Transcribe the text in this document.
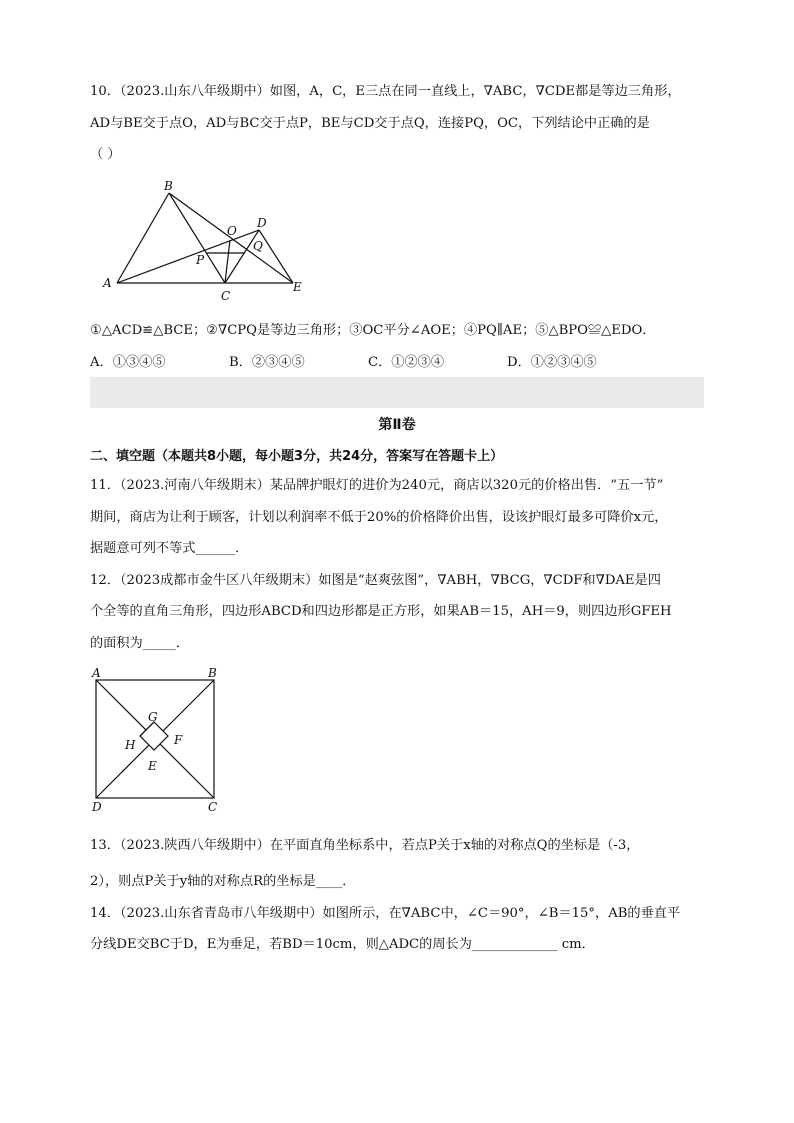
10．（2023.山东八年级期中）如图，A，C，E三点在同一直线上，∇ABC，∇CDE都是等边三角形，
AD与BE交于点O，AD与BC交于点P，BE与CD交于点Q，连接PQ，OC，下列结论中正确的是
（ ）
B
O
D
Q
P
A
C
E
①△ACD≌△BCE；②∇CPQ是等边三角形；③OC平分∠AOE；④PQ∥AE；⑤△BPO≌△EDO．
A．①③④⑤	B．②③④⑤	C．①②③④	D．①②③④⑤
第Ⅱ卷
二、填空题（本题共8小题，每小题3分，共24分，答案写在答题卡上）
11．（2023.河南八年级期末）某品牌护眼灯的进价为240元，商店以320元的价格出售．“五一节”
期间，商店为让利于顾客，计划以利润率不低于20%的价格降价出售，设该护眼灯最多可降价x元，
据题意可列不等式______．
12．（2023成都市金牛区八年级期末）如图是“赵爽弦图”，∇ABH，∇BCG，∇CDF和∇DAE是四
个全等的直角三角形，四边形ABCD和四边形都是正方形，如果AB＝15，AH＝9，则四边形GFEH
的面积为_____．
A	B
G
H	F
E
D	C
13．（2023.陕西八年级期中）在平面直角坐标系中，若点P关于x轴的对称点Q的坐标是（-3，
2），则点P关于y轴的对称点R的坐标是____．
14．（2023.山东省青岛市八年级期中）如图所示，在∇ABC中，∠C＝90°，∠B＝15°，AB的垂直平
分线DE交BC于D，E为垂足，若BD＝10cm，则△ADC的周长为_____________ cm．
